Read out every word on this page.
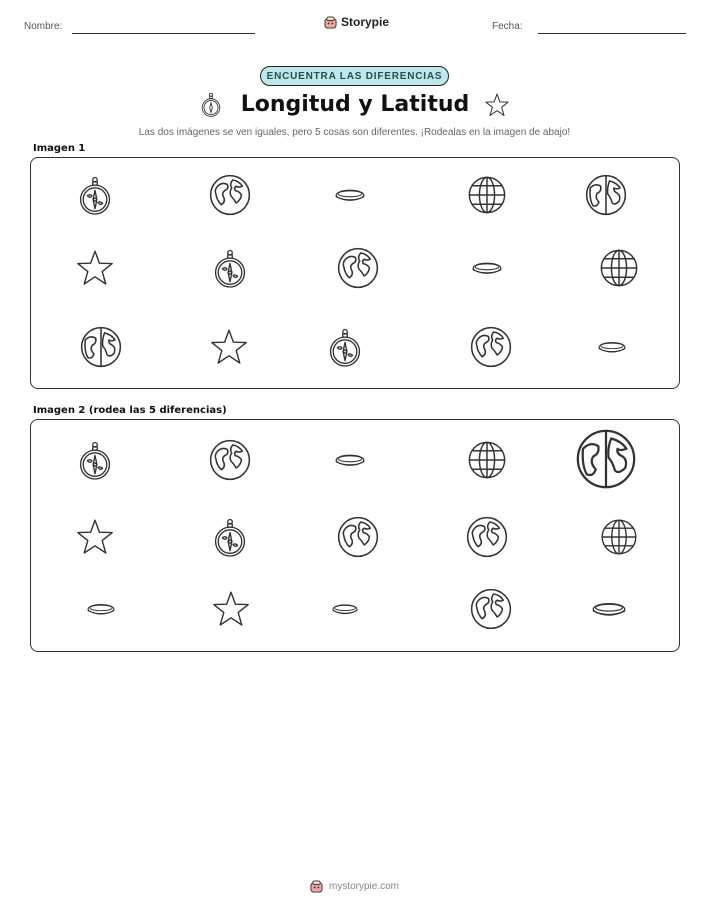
Nombre:	Storypie	Fecha:
ENCUENTRA LAS DIFERENCIAS
Longitud y Latitud
Las dos imágenes se ven iguales, pero 5 cosas son diferentes. ¡Rodealas en la imagen de abajo!
Imagen 1
Imagen 2 (rodea las 5 diferencias)
mystorypie.com
